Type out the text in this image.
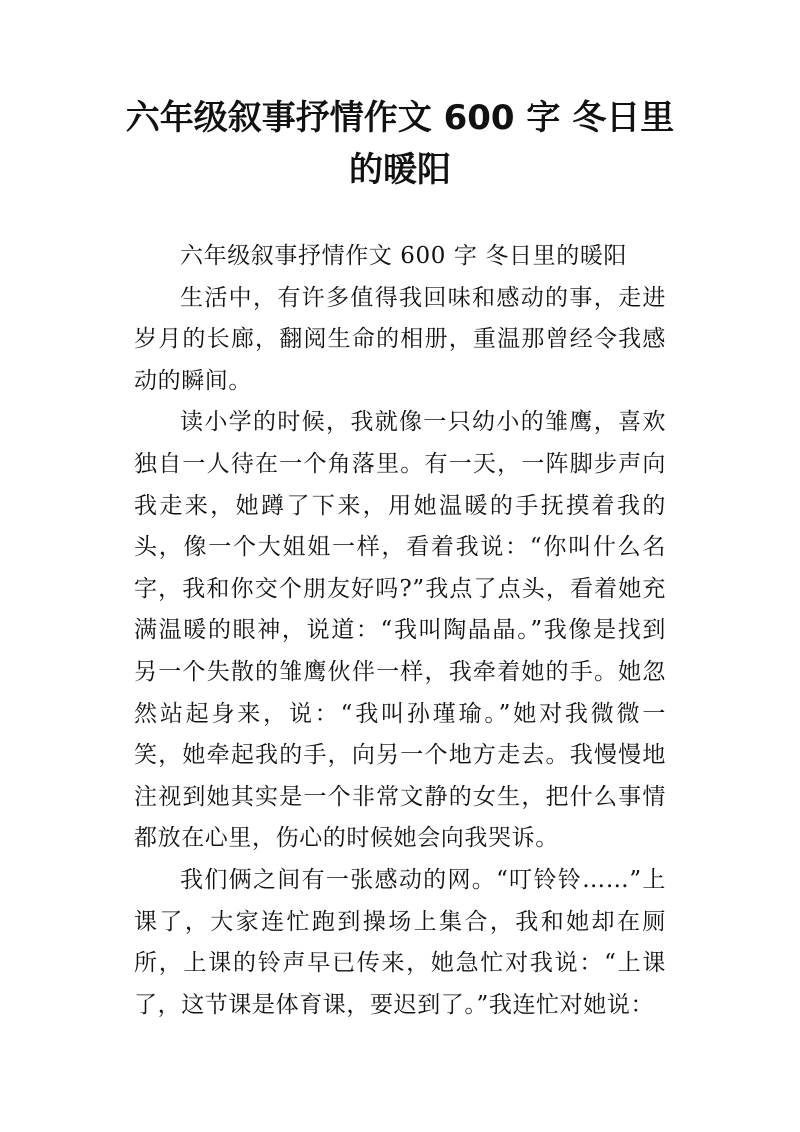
六年级叙事抒情作文 600 字 冬日里的暖阳

六年级叙事抒情作文 600 字 冬日里的暖阳

生活中，有许多值得我回味和感动的事，走进岁月的长廊，翻阅生命的相册，重温那曾经令我感动的瞬间。

读小学的时候，我就像一只幼小的雏鹰，喜欢独自一人待在一个角落里。有一天，一阵脚步声向我走来，她蹲了下来，用她温暖的手抚摸着我的头，像一个大姐姐一样，看着我说：“你叫什么名字，我和你交个朋友好吗?”我点了点头，看着她充满温暖的眼神，说道：“我叫陶晶晶。”我像是找到另一个失散的雏鹰伙伴一样，我牵着她的手。她忽然站起身来，说：“我叫孙瑾瑜。”她对我微微一笑，她牵起我的手，向另一个地方走去。我慢慢地注视到她其实是一个非常文静的女生，把什么事情都放在心里，伤心的时候她会向我哭诉。

我们俩之间有一张感动的网。“叮铃铃……”上课了，大家连忙跑到操场上集合，我和她却在厕所，上课的铃声早已传来，她急忙对我说：“上课了，这节课是体育课，要迟到了。”我连忙对她说：
